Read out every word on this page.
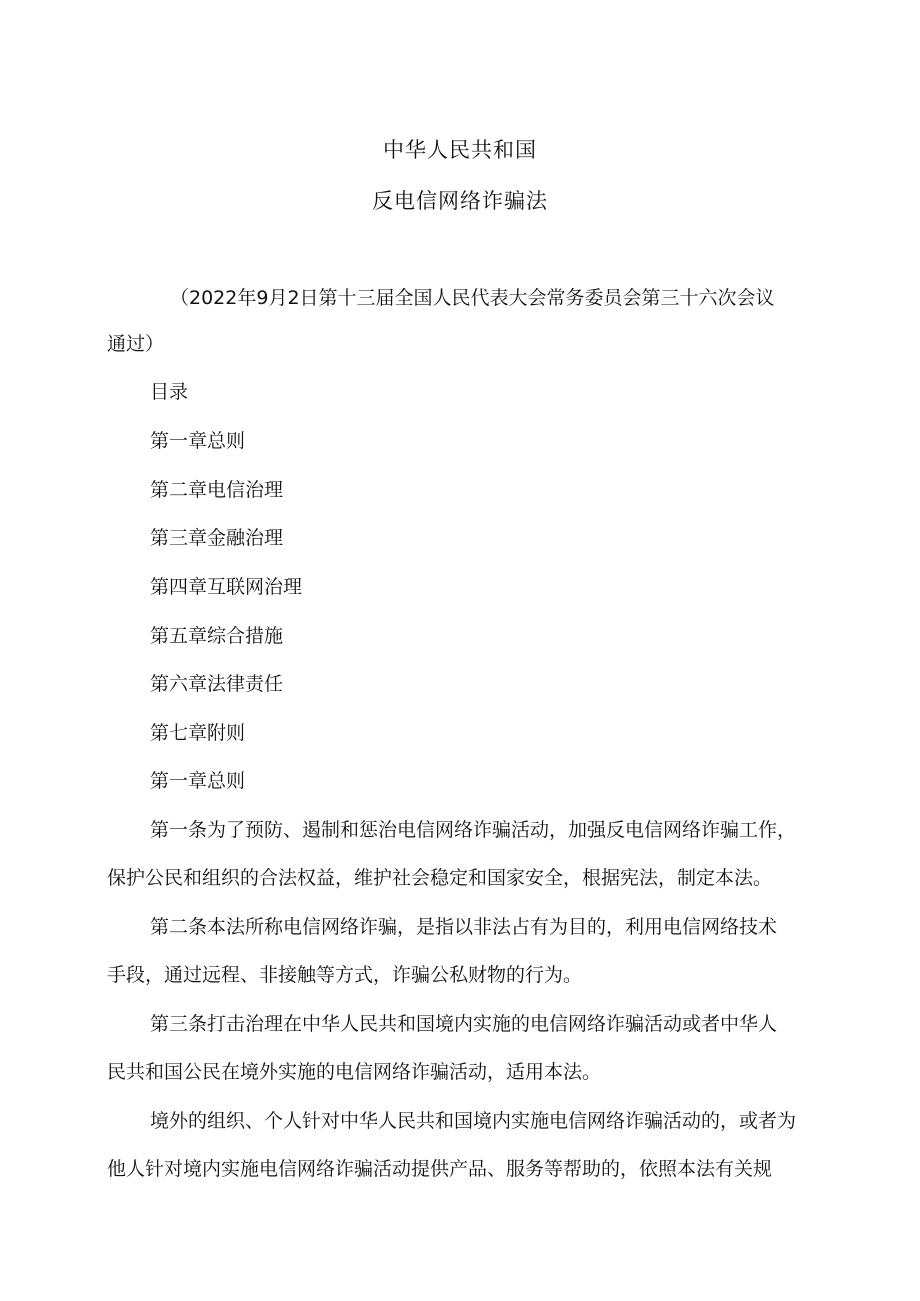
中华人民共和国
反电信网络诈骗法
（2022年9月2日第十三届全国人民代表大会常务委员会第三十六次会议
通过）
目录
第一章总则
第二章电信治理
第三章金融治理
第四章互联网治理
第五章综合措施
第六章法律责任
第七章附则
第一章总则
第一条为了预防、遏制和惩治电信网络诈骗活动，加强反电信网络诈骗工作，
保护公民和组织的合法权益，维护社会稳定和国家安全，根据宪法，制定本法。
第二条本法所称电信网络诈骗，是指以非法占有为目的，利用电信网络技术
手段，通过远程、非接触等方式，诈骗公私财物的行为。
第三条打击治理在中华人民共和国境内实施的电信网络诈骗活动或者中华人
民共和国公民在境外实施的电信网络诈骗活动，适用本法。
境外的组织、个人针对中华人民共和国境内实施电信网络诈骗活动的，或者为
他人针对境内实施电信网络诈骗活动提供产品、服务等帮助的，依照本法有关规
